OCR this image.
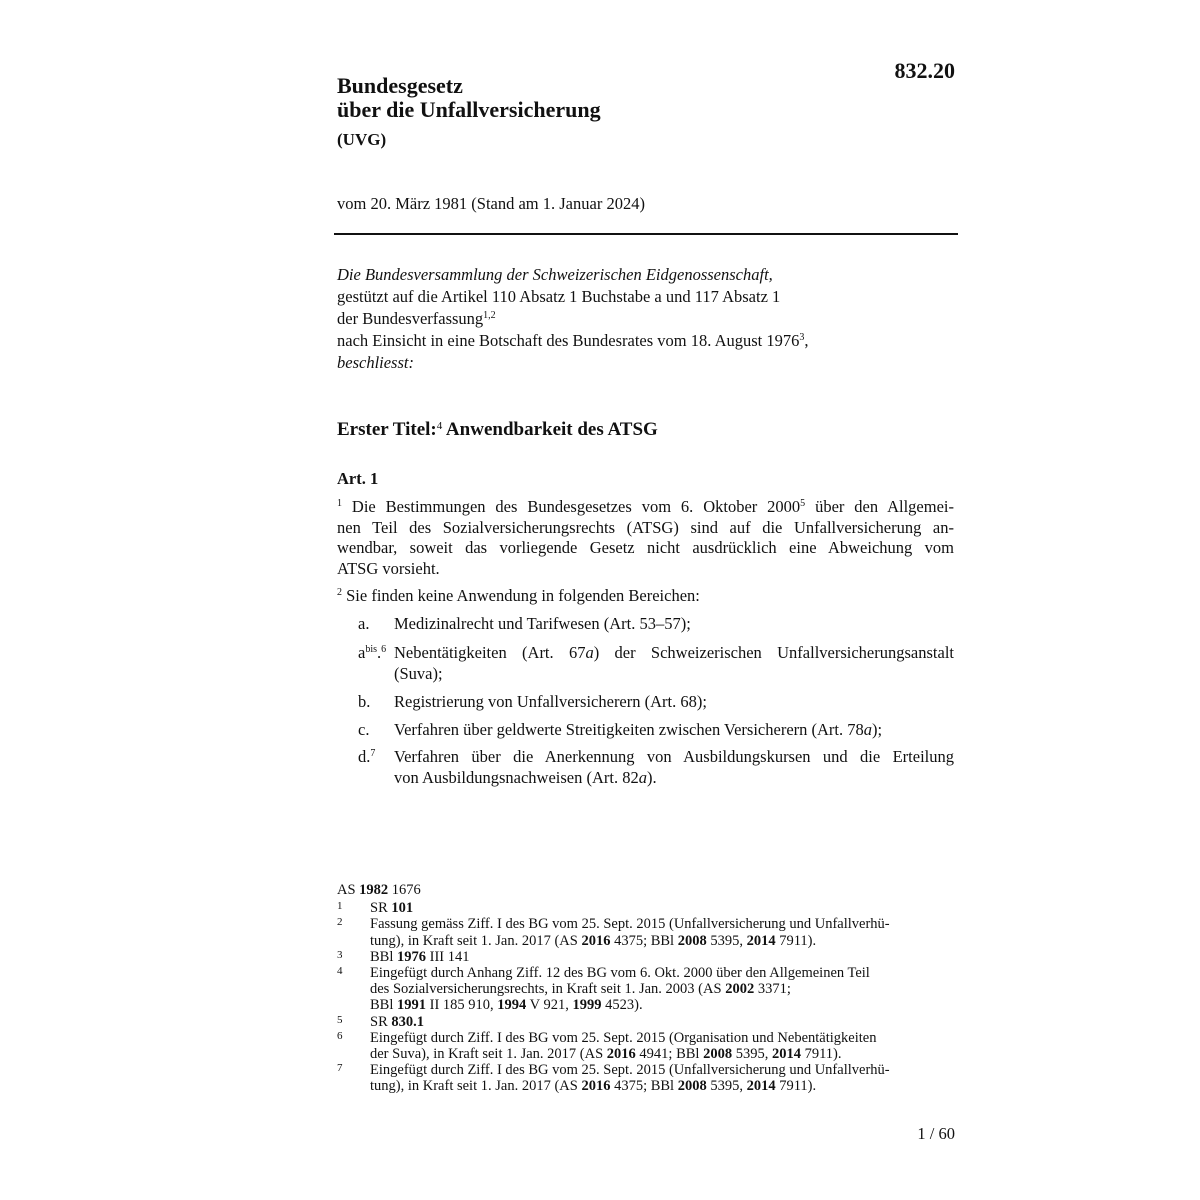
832.20
Bundesgesetz
über die Unfallversicherung
(UVG)
vom 20. März 1981 (Stand am 1. Januar 2024)
Die Bundesversammlung der Schweizerischen Eidgenossenschaft,
gestützt auf die Artikel 110 Absatz 1 Buchstabe a und 117 Absatz 1
der Bundesverfassung$^{1,2}$
nach Einsicht in eine Botschaft des Bundesrates vom 18. August 1976$^3$,
beschliesst:
Erster Titel:$^4$ Anwendbarkeit des ATSG
Art. 1
$^1$ Die Bestimmungen des Bundesgesetzes vom 6. Oktober 2000$^5$ über den Allgemei-
nen Teil des Sozialversicherungsrechts (ATSG) sind auf die Unfallversicherung an-
wendbar, soweit das vorliegende Gesetz nicht ausdrücklich eine Abweichung vom
ATSG vorsieht.
$^2$ Sie finden keine Anwendung in folgenden Bereichen:
a. Medizinalrecht und Tarifwesen (Art. 53–57);
$a^{bis}.^6$ Nebentätigkeiten (Art. 67a) der Schweizerischen Unfallversicherungsanstalt
(Suva);
b. Registrierung von Unfallversicherern (Art. 68);
c. Verfahren über geldwerte Streitigkeiten zwischen Versicherern (Art. 78a);
d.$^7$ Verfahren über die Anerkennung von Ausbildungskursen und die Erteilung
von Ausbildungsnachweisen (Art. 82a).
AS 1982 1676
1 SR 101
2 Fassung gemäss Ziff. I des BG vom 25. Sept. 2015 (Unfallversicherung und Unfallverhü-
tung), in Kraft seit 1. Jan. 2017 (AS 2016 4375; BBl 2008 5395, 2014 7911).
3 BBl 1976 III 141
4 Eingefügt durch Anhang Ziff. 12 des BG vom 6. Okt. 2000 über den Allgemeinen Teil
des Sozialversicherungsrechts, in Kraft seit 1. Jan. 2003 (AS 2002 3371;
BBl 1991 II 185 910, 1994 V 921, 1999 4523).
5 SR 830.1
6 Eingefügt durch Ziff. I des BG vom 25. Sept. 2015 (Organisation und Nebentätigkeiten
der Suva), in Kraft seit 1. Jan. 2017 (AS 2016 4941; BBl 2008 5395, 2014 7911).
7 Eingefügt durch Ziff. I des BG vom 25. Sept. 2015 (Unfallversicherung und Unfallverhü-
tung), in Kraft seit 1. Jan. 2017 (AS 2016 4375; BBl 2008 5395, 2014 7911).
1 / 60
